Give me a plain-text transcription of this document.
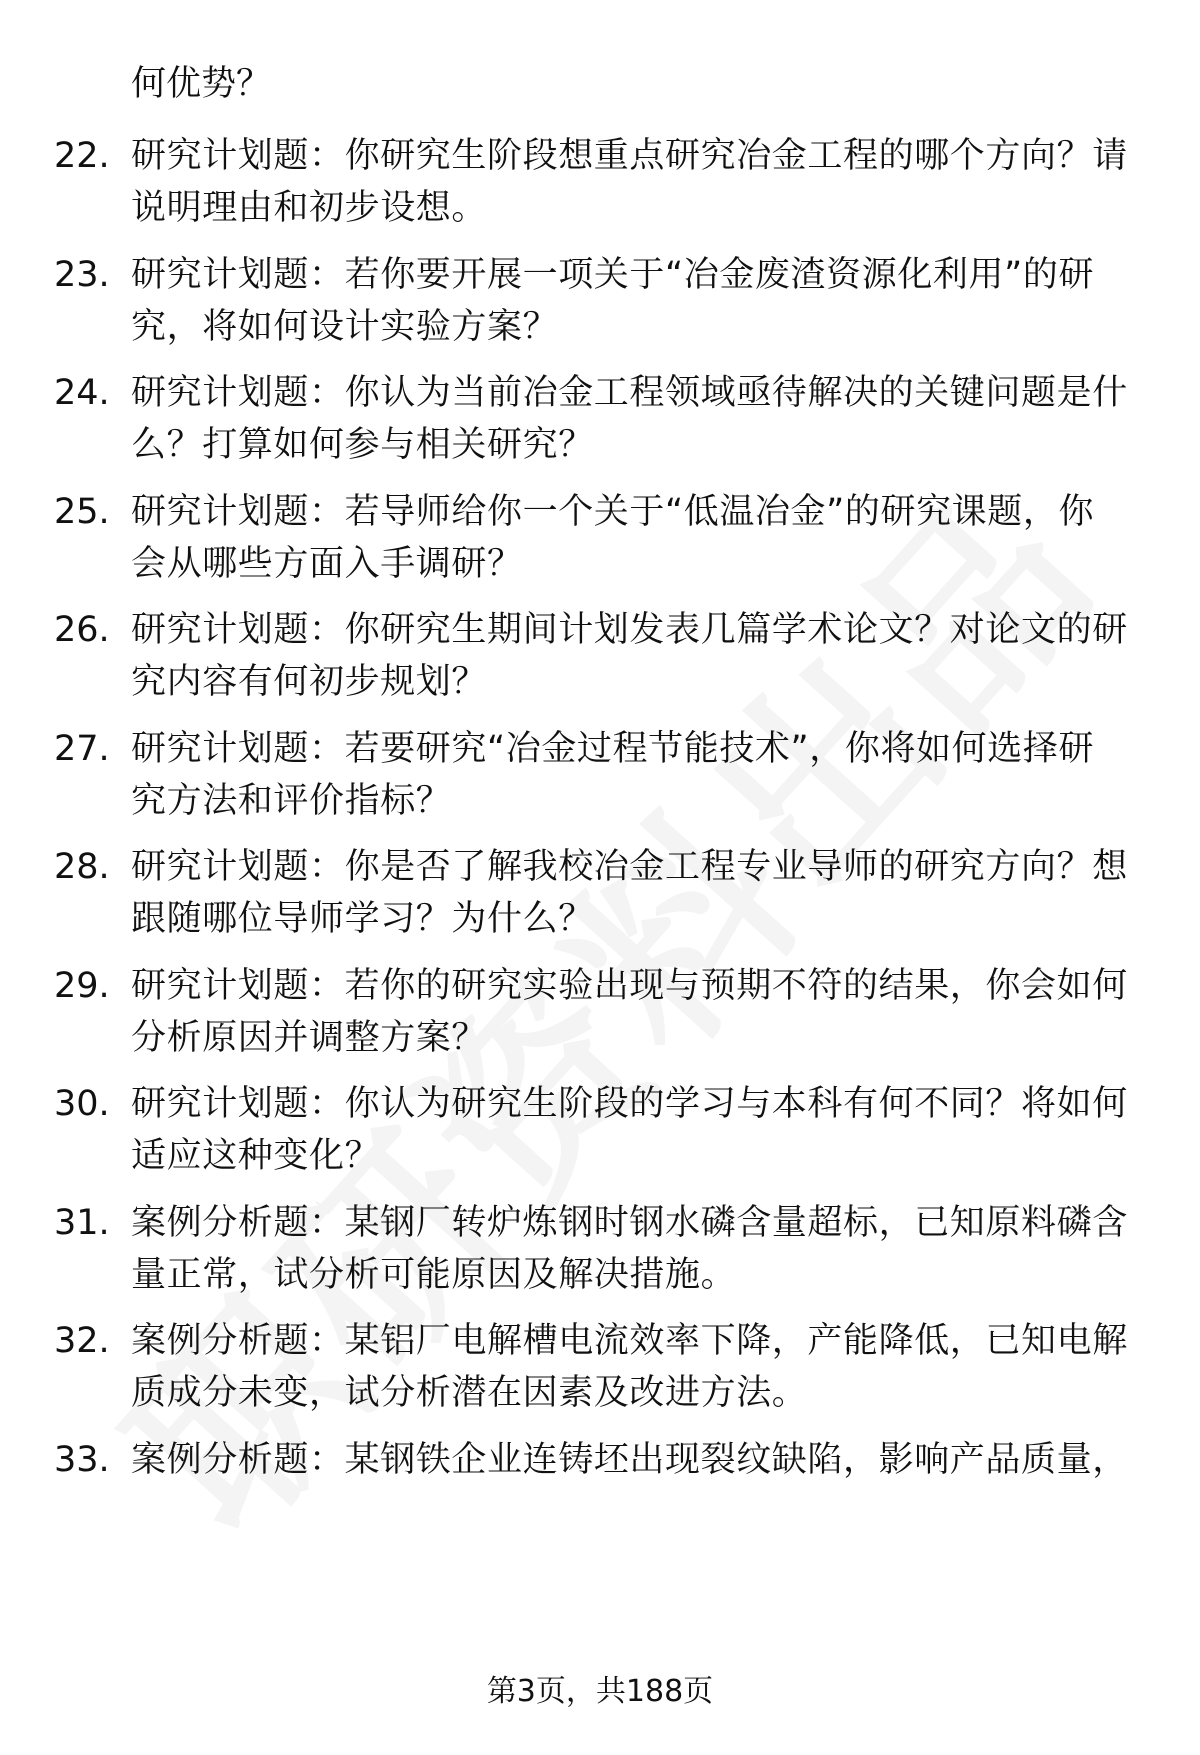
何优势？
22. 研究计划题：你研究生阶段想重点研究冶金工程的哪个方向？请
说明理由和初步设想。
23. 研究计划题：若你要开展一项关于“冶金废渣资源化利用”的研
究，将如何设计实验方案？
24. 研究计划题：你认为当前冶金工程领域亟待解决的关键问题是什
么？打算如何参与相关研究？
25. 研究计划题：若导师给你一个关于“低温冶金”的研究课题，你
会从哪些方面入手调研？
26. 研究计划题：你研究生期间计划发表几篇学术论文？对论文的研
究内容有何初步规划？
27. 研究计划题：若要研究“冶金过程节能技术”，你将如何选择研
究方法和评价指标？
28. 研究计划题：你是否了解我校冶金工程专业导师的研究方向？想
跟随哪位导师学习？为什么？
29. 研究计划题：若你的研究实验出现与预期不符的结果，你会如何
分析原因并调整方案？
30. 研究计划题：你认为研究生阶段的学习与本科有何不同？将如何
适应这种变化？
31. 案例分析题：某钢厂转炉炼钢时钢水磷含量超标，已知原料磷含
量正常，试分析可能原因及解决措施。
32. 案例分析题：某铝厂电解槽电流效率下降，产能降低，已知电解
质成分未变，试分析潜在因素及改进方法。
33. 案例分析题：某钢铁企业连铸坯出现裂纹缺陷，影响产品质量，
第3页，共188页
